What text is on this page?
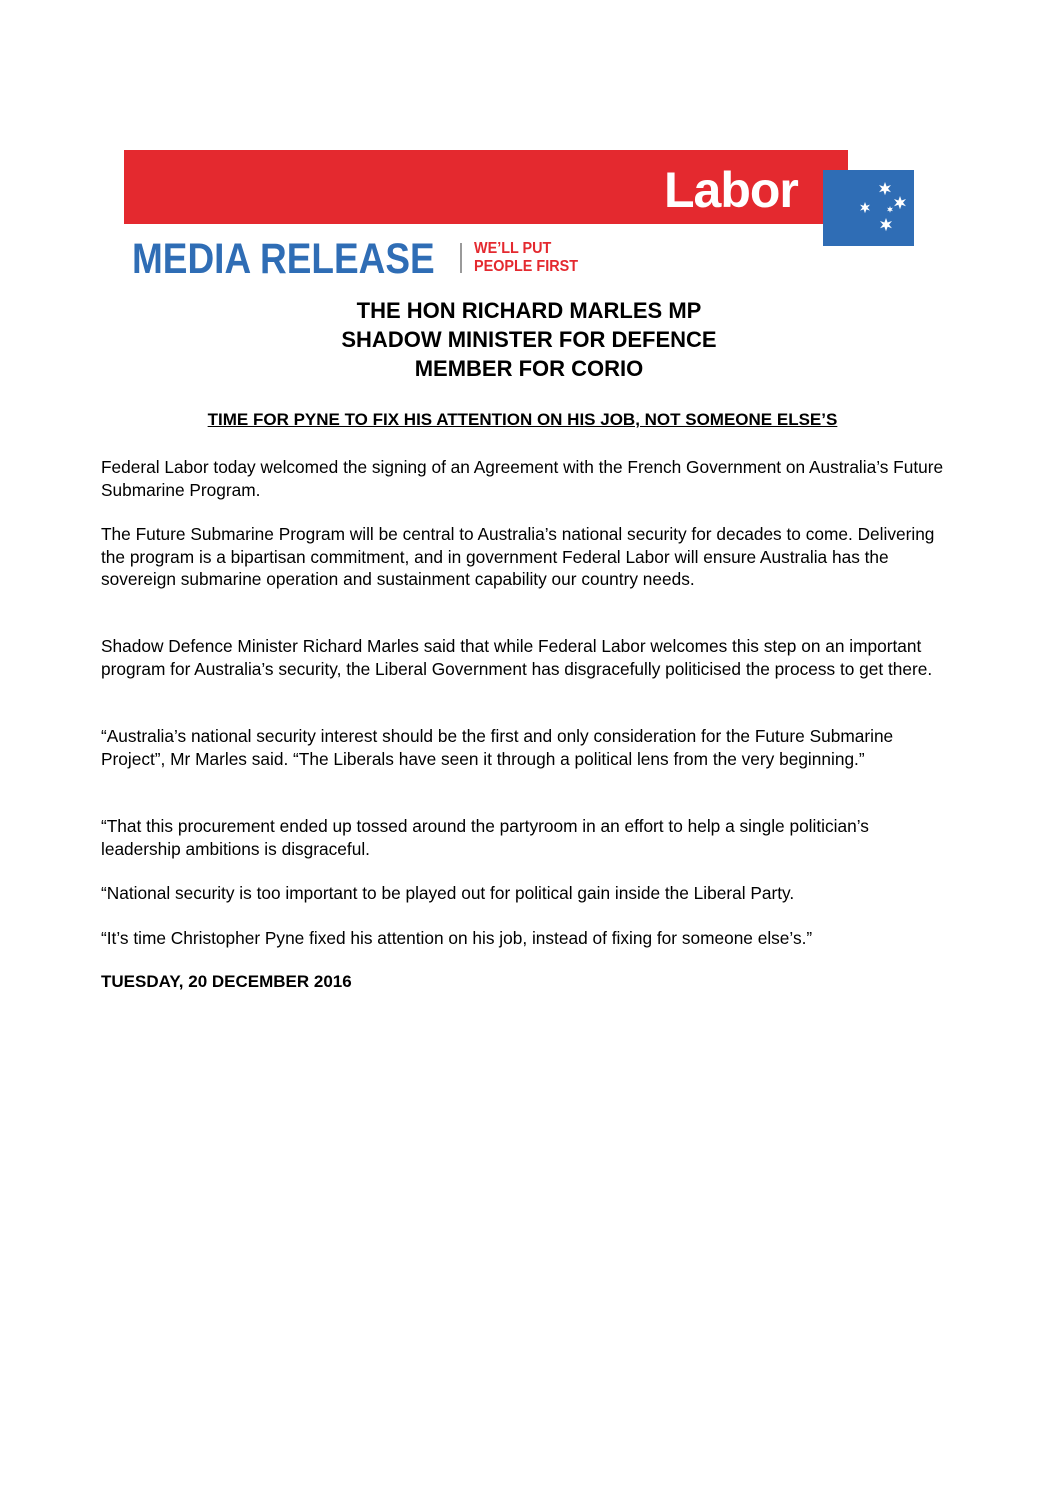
Labor
MEDIA RELEASE WE’LL PUT
PEOPLE FIRST
THE HON RICHARD MARLES MP
SHADOW MINISTER FOR DEFENCE
MEMBER FOR CORIO
TIME FOR PYNE TO FIX HIS ATTENTION ON HIS JOB, NOT SOMEONE ELSE’S

Federal Labor today welcomed the signing of an Agreement with the French Government on Australia’s Future Submarine Program.

The Future Submarine Program will be central to Australia’s national security for decades to come. Delivering the program is a bipartisan commitment, and in government Federal Labor will ensure Australia has the sovereign submarine operation and sustainment capability our country needs.

Shadow Defence Minister Richard Marles said that while Federal Labor welcomes this step on an important program for Australia’s security, the Liberal Government has disgracefully politicised the process to get there.

“Australia’s national security interest should be the first and only consideration for the Future Submarine Project”, Mr Marles said. “The Liberals have seen it through a political lens from the very beginning.”

“That this procurement ended up tossed around the partyroom in an effort to help a single politician’s leadership ambitions is disgraceful.

“National security is too important to be played out for political gain inside the Liberal Party.

“It’s time Christopher Pyne fixed his attention on his job, instead of fixing for someone else’s.”

TUESDAY, 20 DECEMBER 2016
